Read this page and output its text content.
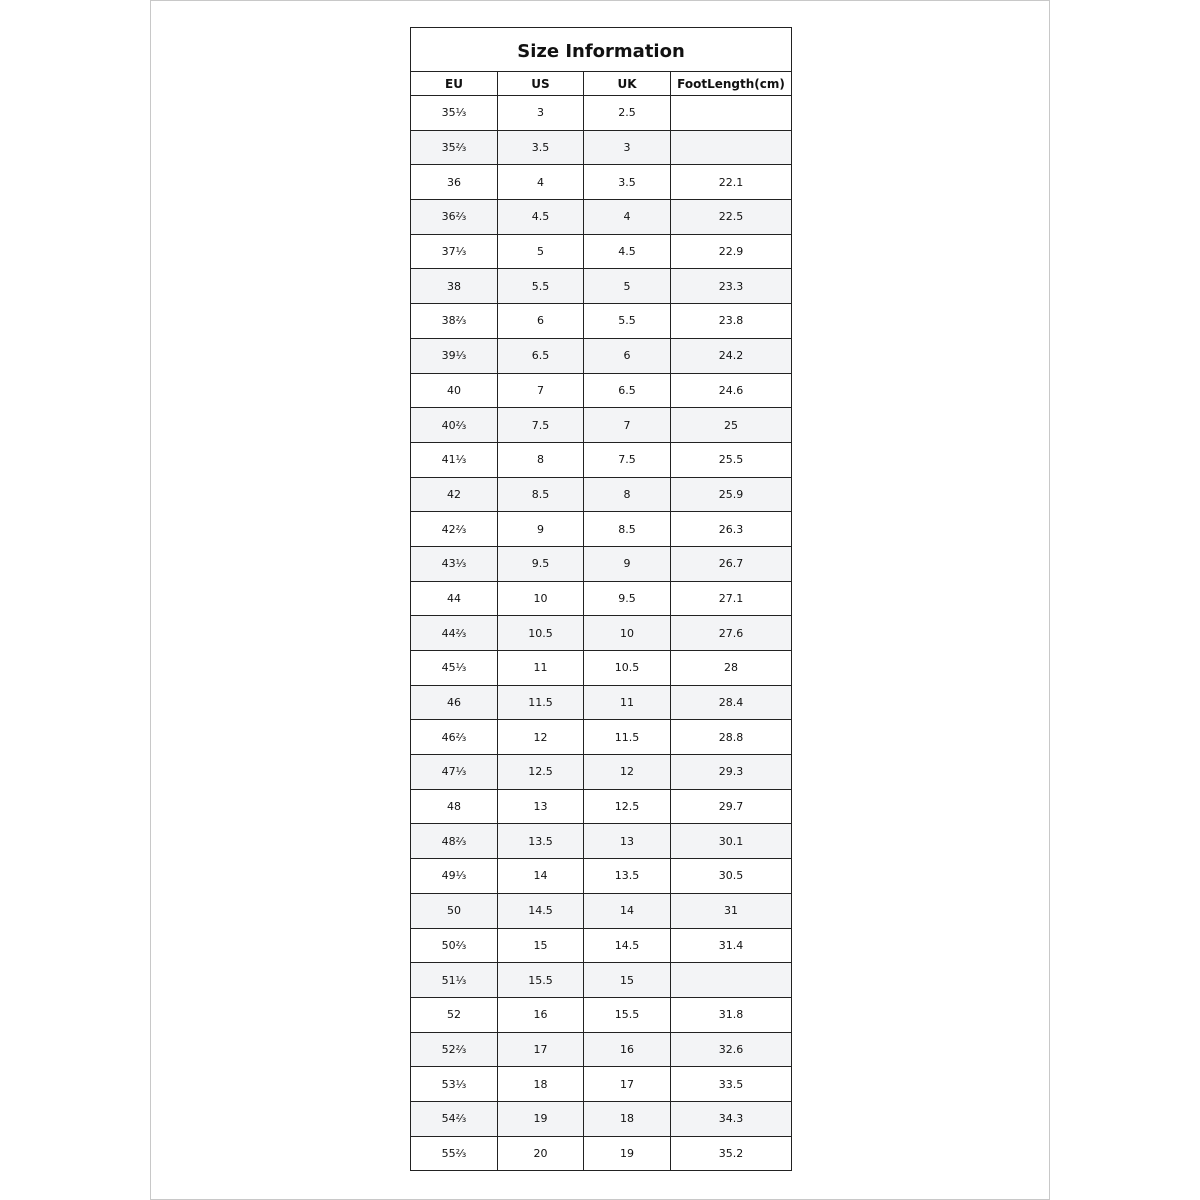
Size Information			
EU	US	UK	FootLength(cm)
35⅓	3	2.5	
35⅔	3.5	3	
36	4	3.5	22.1
36⅔	4.5	4	22.5
37⅓	5	4.5	22.9
38	5.5	5	23.3
38⅔	6	5.5	23.8
39⅓	6.5	6	24.2
40	7	6.5	24.6
40⅔	7.5	7	25
41⅓	8	7.5	25.5
42	8.5	8	25.9
42⅔	9	8.5	26.3
43⅓	9.5	9	26.7
44	10	9.5	27.1
44⅔	10.5	10	27.6
45⅓	11	10.5	28
46	11.5	11	28.4
46⅔	12	11.5	28.8
47⅓	12.5	12	29.3
48	13	12.5	29.7
48⅔	13.5	13	30.1
49⅓	14	13.5	30.5
50	14.5	14	31
50⅔	15	14.5	31.4
51⅓	15.5	15	
52	16	15.5	31.8
52⅔	17	16	32.6
53⅓	18	17	33.5
54⅔	19	18	34.3
55⅔	20	19	35.2
